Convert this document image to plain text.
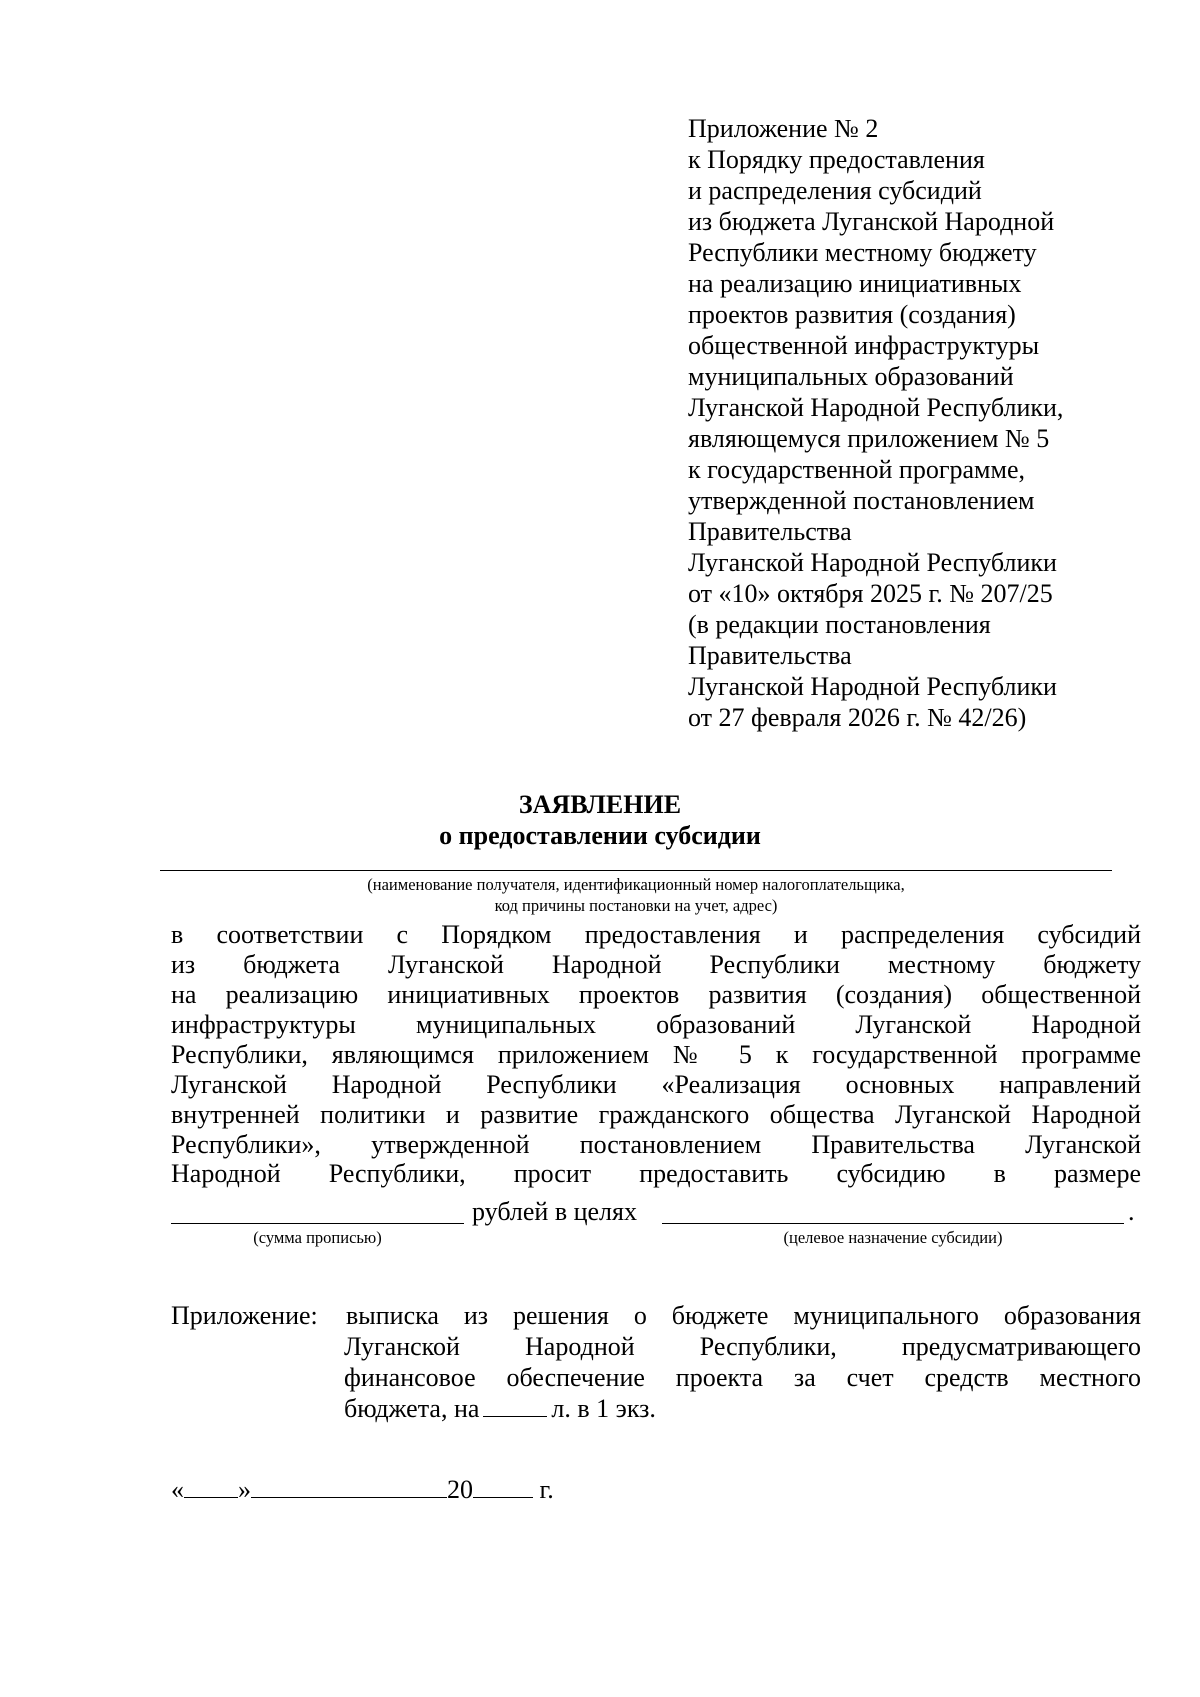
Приложение № 2
к Порядку предоставления
и распределения субсидий
из бюджета Луганской Народной
Республики местному бюджету
на реализацию инициативных
проектов развития (создания)
общественной инфраструктуры
муниципальных образований
Луганской Народной Республики,
являющемуся приложением № 5
к государственной программе,
утвержденной постановлением
Правительства
Луганской Народной Республики
от «10» октября 2025 г. № 207/25
(в редакции постановления
Правительства
Луганской Народной Республики
от 27 февраля 2026 г. № 42/26)
ЗАЯВЛЕНИЕ
о предоставлении субсидии
(наименование получателя, идентификационный номер налогоплательщика,
код причины постановки на учет, адрес)
в соответствии с Порядком предоставления и распределения субсидий
из бюджета Луганской Народной Республики местному бюджету
на реализацию инициативных проектов развития (создания) общественной
инфраструктуры муниципальных образований Луганской Народной
Республики, являющимся приложением № 5 к государственной программе
Луганской Народной Республики «Реализация основных направлений
внутренней политики и развитие гражданского общества Луганской Народной
Республики», утвержденной постановлением Правительства Луганской
Народной Республики, просит предоставить субсидию в размере
рублей в целях	.
(сумма прописью)	(целевое назначение субсидии)
Приложение: выписка из решения о бюджете муниципального образования
Луганской Народной Республики, предусматривающего
финансовое обеспечение проекта за счет средств местного
бюджета, на	л. в 1 экз.
« »	20	г.
